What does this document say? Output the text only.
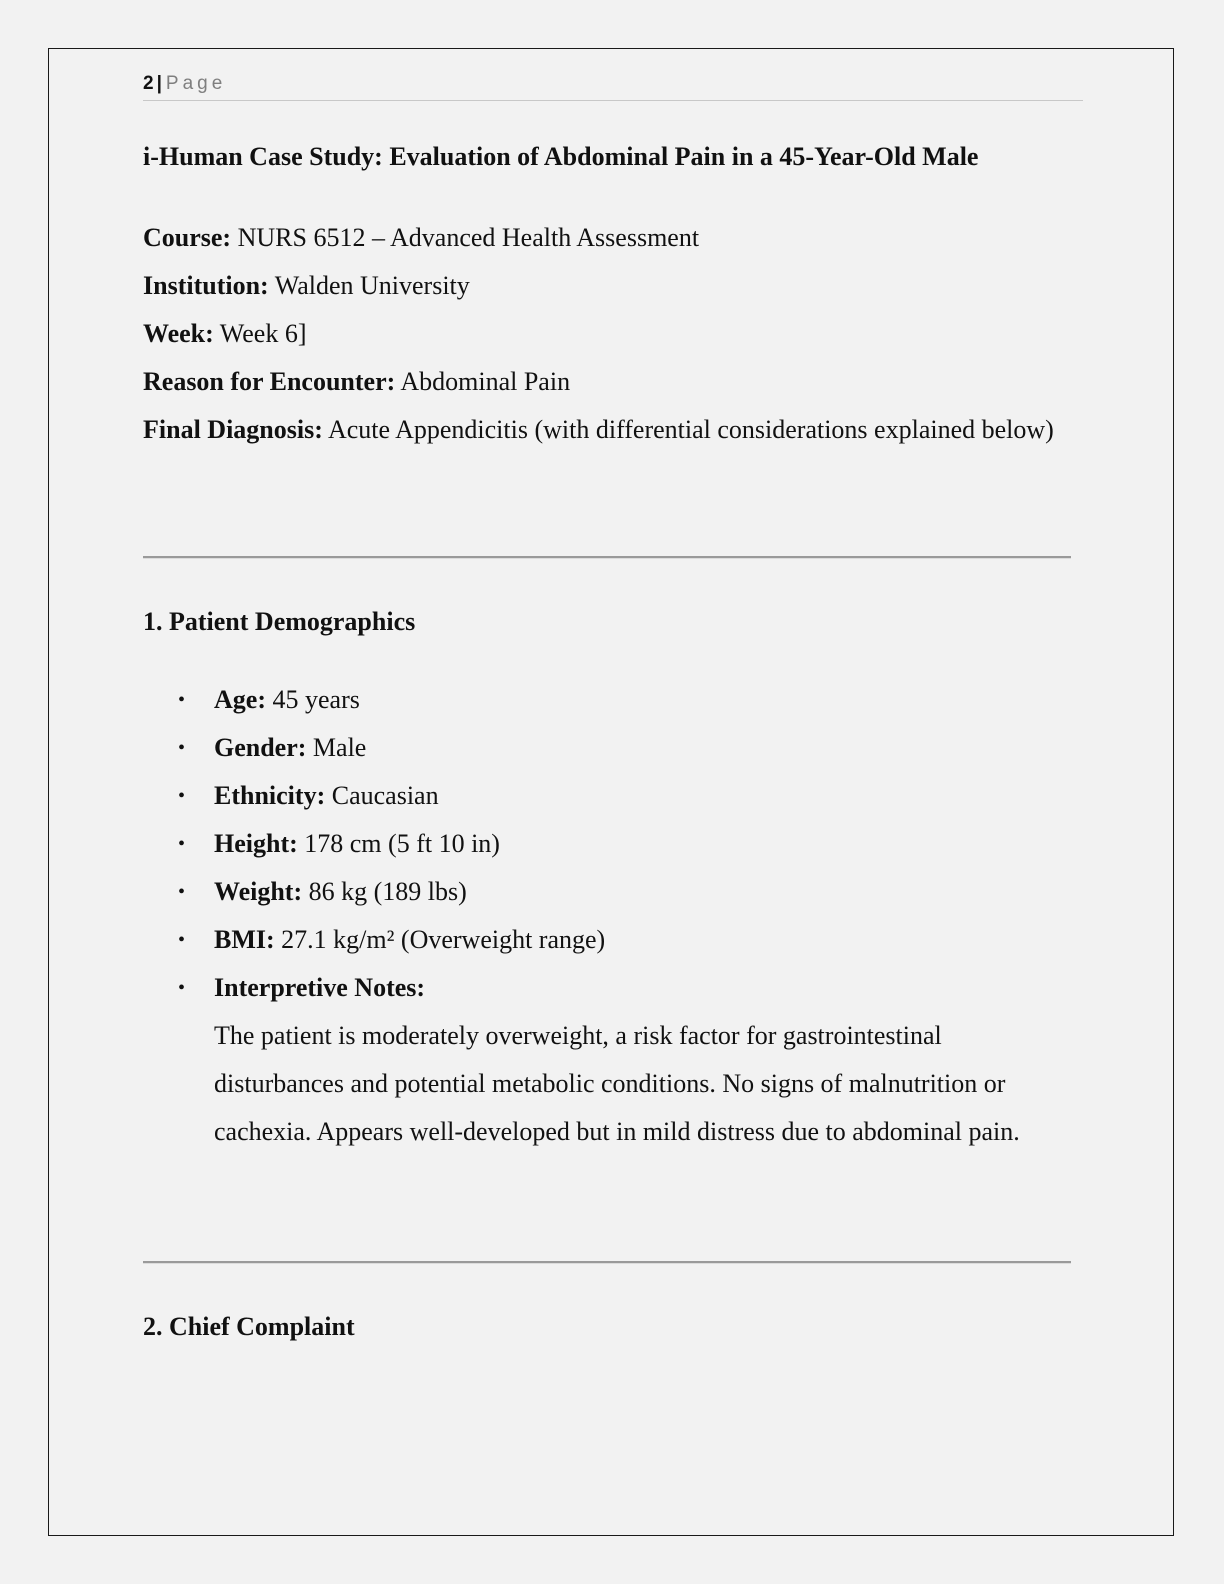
2 | Page
i-Human Case Study: Evaluation of Abdominal Pain in a 45-Year-Old Male

Course: NURS 6512 – Advanced Health Assessment

Institution: Walden University

Week: Week 6]

Reason for Encounter: Abdominal Pain

Final Diagnosis: Acute Appendicitis (with differential considerations explained below)

1. Patient Demographics
• Age: 45 years
• Gender: Male
• Ethnicity: Caucasian
• Height: 178 cm (5 ft 10 in)
• Weight: 86 kg (189 lbs)
• BMI: 27.1 kg/m² (Overweight range)
• Interpretive Notes:

The patient is moderately overweight, a risk factor for gastrointestinal disturbances and potential metabolic conditions. No signs of malnutrition or cachexia. Appears well-developed but in mild distress due to abdominal pain.

2. Chief Complaint
